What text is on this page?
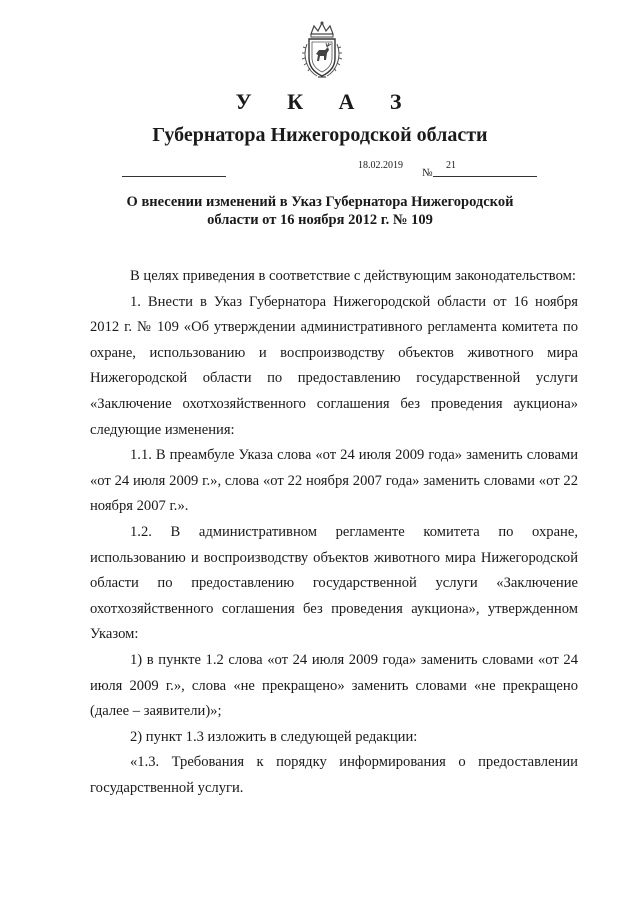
У К А З
Губернатора Нижегородской области
18.02.2019
№
21
О внесении изменений в Указ Губернатора Нижегородской
области от 16 ноября 2012 г. № 109

В целях приведения в соответствие с действующим законодательством:

1. Внести в Указ Губернатора Нижегородской области от 16 ноября 2012 г. № 109 «Об утверждении административного регламента комитета по охране, использованию и воспроизводству объектов животного мира Нижегородской области по предоставлению государственной услуги «Заключение охотхозяйственного соглашения без проведения аукциона» следующие изменения:

1.1. В преамбуле Указа слова «от 24 июля 2009 года» заменить словами «от 24 июля 2009 г.», слова «от 22 ноября 2007 года» заменить словами «от 22 ноября 2007 г.».

1.2. В административном регламенте комитета по охране, использованию и воспроизводству объектов животного мира Нижегородской области по предоставлению государственной услуги «Заключение охотхозяйственного соглашения без проведения аукциона», утвержденном Указом:

1) в пункте 1.2 слова «от 24 июля 2009 года» заменить словами «от 24 июля 2009 г.», слова «не прекращено» заменить словами «не прекращено (далее – заявители)»;

2) пункт 1.3 изложить в следующей редакции:

«1.3. Требования к порядку информирования о предоставлении государственной услуги.
